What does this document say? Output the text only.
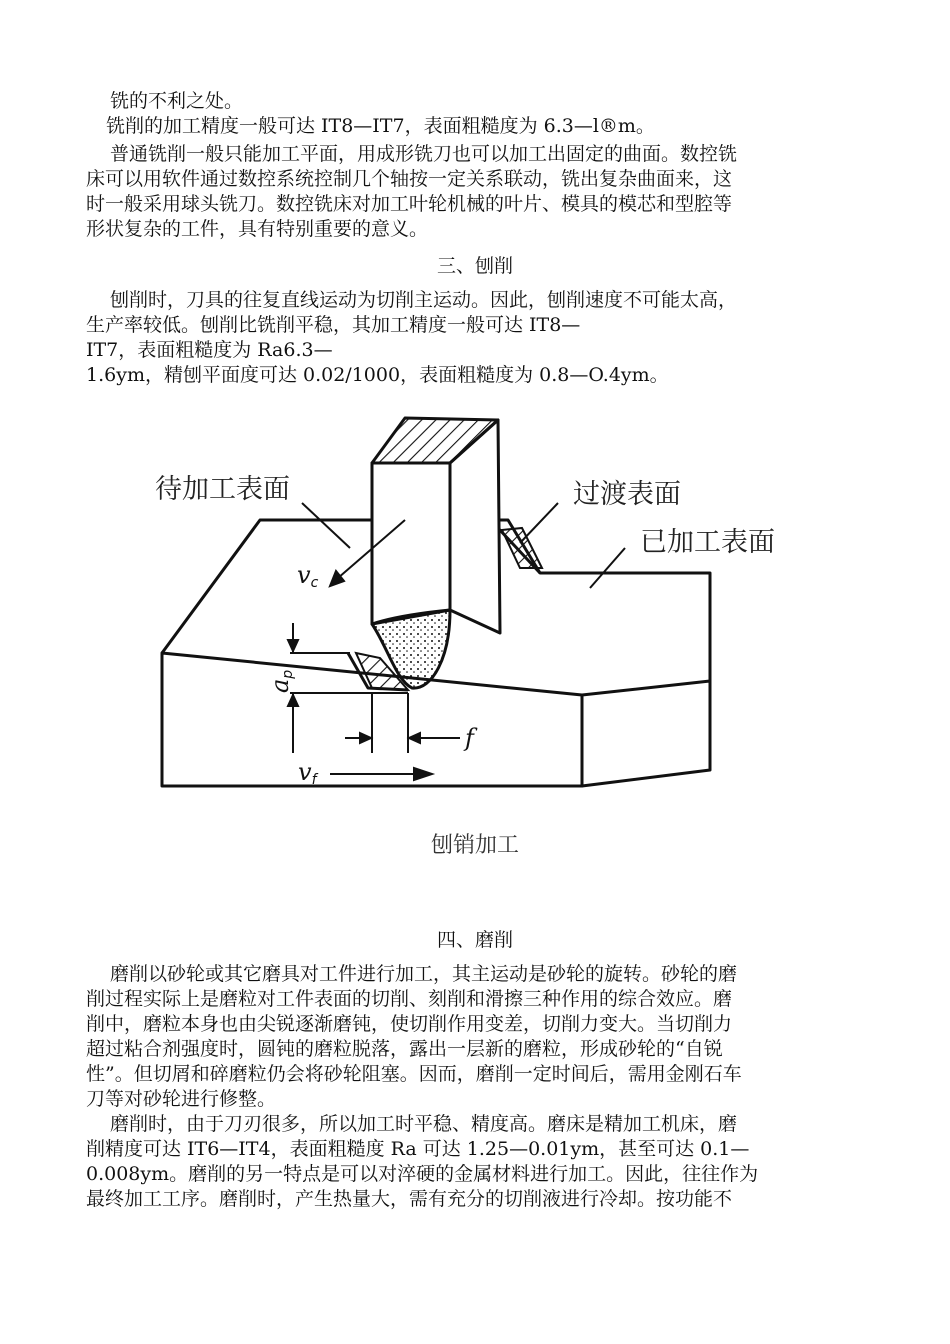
铣的不利之处。
铣削的加工精度一般可达 IT8—IT7，表面粗糙度为 6.3—l®m。
普通铣削一般只能加工平面，用成形铣刀也可以加工出固定的曲面。数控铣
床可以用软件通过数控系统控制几个轴按一定关系联动，铣出复杂曲面来，这
时一般采用球头铣刀。数控铣床对加工叶轮机械的叶片、模具的模芯和型腔等
形状复杂的工件，具有特别重要的意义。
三、刨削
刨削时，刀具的往复直线运动为切削主运动。因此，刨削速度不可能太高，
生产率较低。刨削比铣削平稳，其加工精度一般可达 IT8—
IT7，表面粗糙度为 Ra6.3—
1.6ym，精刨平面度可达 0.02/1000，表面粗糙度为 0.8—O.4ym。
待加工表面	过渡表面
已加工表面
vc
ap
f
vf
刨销加工
四、磨削
磨削以砂轮或其它磨具对工件进行加工，其主运动是砂轮的旋转。砂轮的磨
削过程实际上是磨粒对工件表面的切削、刻削和滑擦三种作用的综合效应。磨
削中，磨粒本身也由尖锐逐渐磨钝，使切削作用变差，切削力变大。当切削力
超过粘合剂强度时，圆钝的磨粒脱落，露出一层新的磨粒，形成砂轮的“自锐
性”。但切屑和碎磨粒仍会将砂轮阻塞。因而，磨削一定时间后，需用金刚石车
刀等对砂轮进行修整。
磨削时，由于刀刃很多，所以加工时平稳、精度高。磨床是精加工机床，磨
削精度可达 IT6—IT4，表面粗糙度 Ra 可达 1.25—0.01ym，甚至可达 0.1—
0.008ym。磨削的另一特点是可以对淬硬的金属材料进行加工。因此，往往作为
最终加工工序。磨削时，产生热量大，需有充分的切削液进行冷却。按功能不
